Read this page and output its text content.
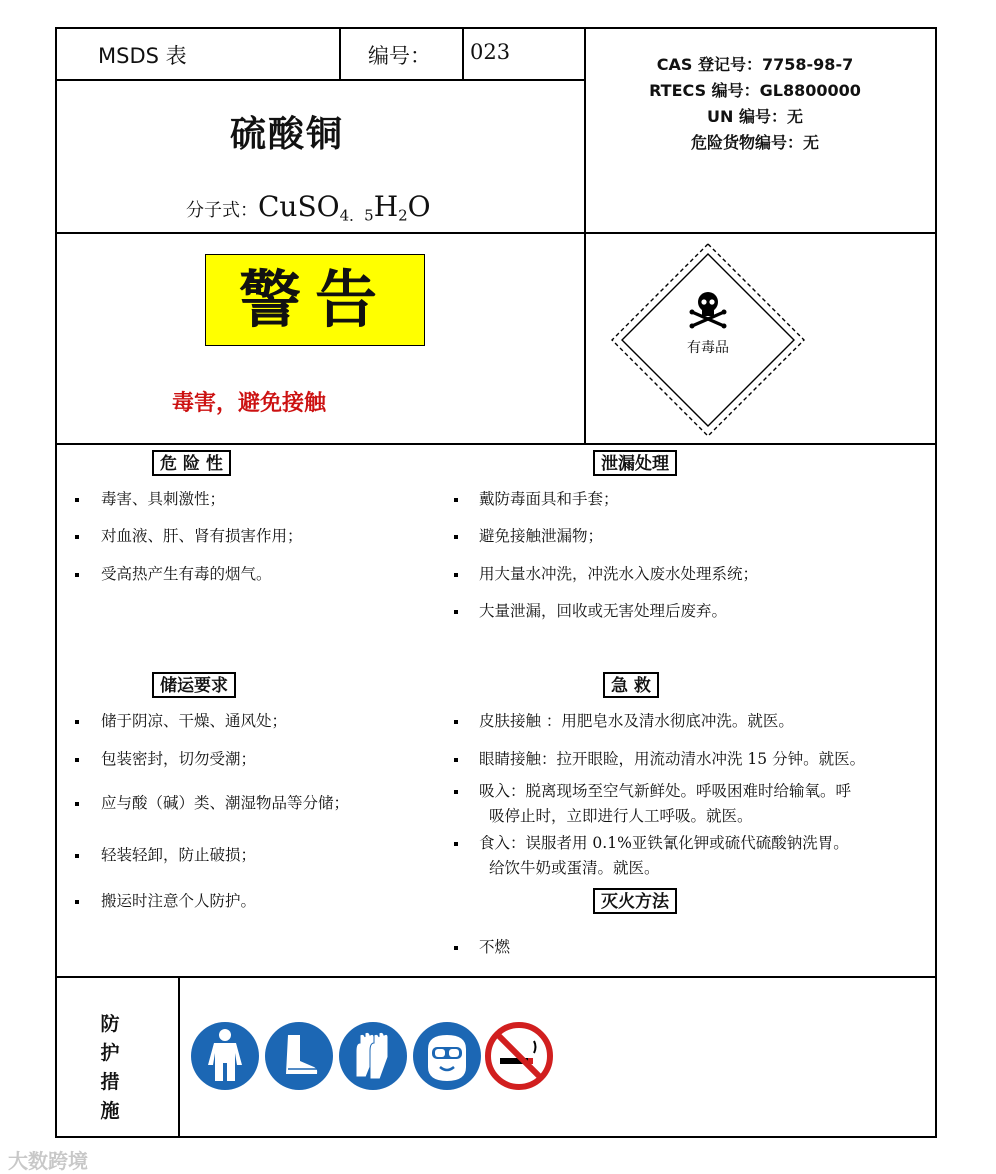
MSDS 表	编号： 023
硫酸铜
分子式：$CuSO_{4.5}H_2O$
CAS 登记号：7758-98-7
RTECS 编号：GL8800000
UN 编号：无
危险货物编号：无
警告
毒害，避免接触
有毒品
危 险 性	泄漏处理
储运要求	急 救
灭火方法
毒害、具刺激性；
对血液、肝、肾有损害作用；
受高热产生有毒的烟气。
戴防毒面具和手套；
避免接触泄漏物；
用大量水冲洗，冲洗水入废水处理系统；
大量泄漏，回收或无害处理后废弃。
储于阴凉、干燥、通风处；
包装密封，切勿受潮；
应与酸（碱）类、潮湿物品等分储；
轻装轻卸，防止破损；
搬运时注意个人防护。
皮肤接触 ：用肥皂水及清水彻底冲洗。就医。
眼睛接触：拉开眼睑，用流动清水冲洗 15 分钟。就医。
吸入：脱离现场至空气新鲜处。呼吸困难时给输氧。呼
吸停止时，立即进行人工呼吸。就医。
食入：误服者用 0.1%亚铁氰化钾或硫代硫酸钠洗胃。
给饮牛奶或蛋清。就医。
不燃
防
护
措
施
大数跨境
